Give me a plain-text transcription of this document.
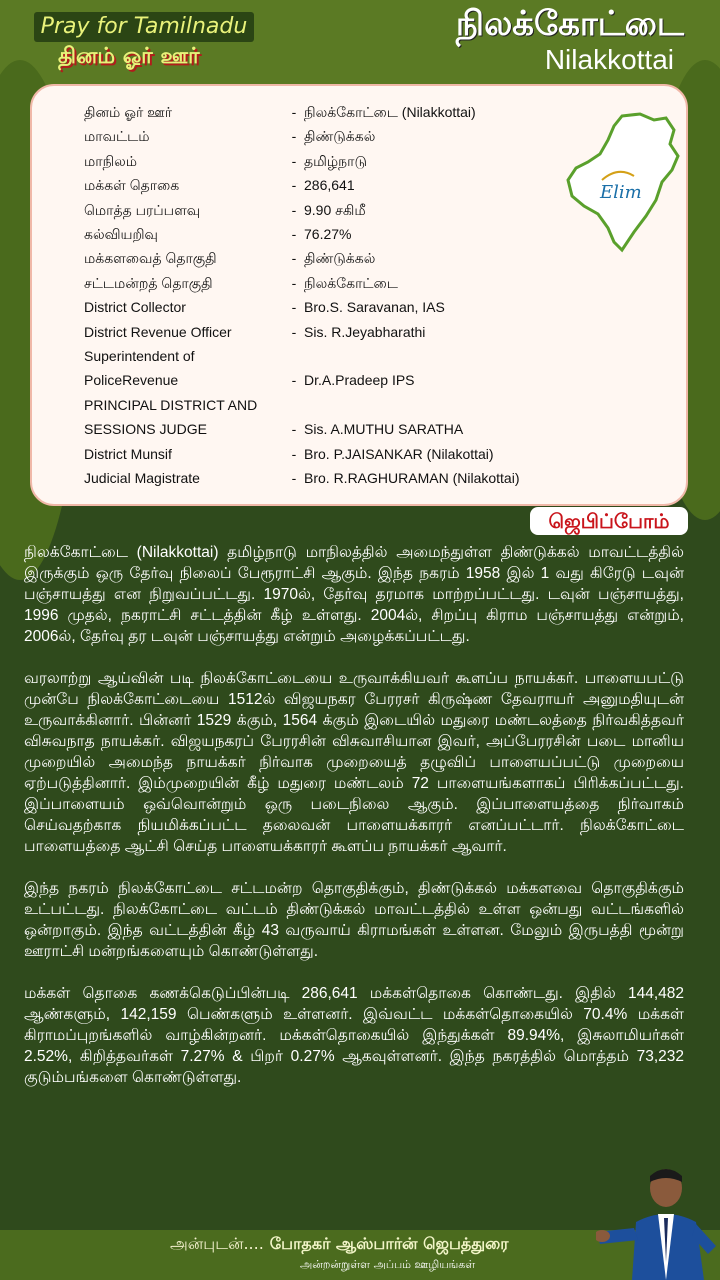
Pray for Tamilnadu
தினம் ஓர் ஊர்
நிலக்கோட்டை
Nilakkottai
தினம் ஓர் ஊர்	-	நிலக்கோட்டை (Nilakkottai)
மாவட்டம்	-	திண்டுக்கல்
மாநிலம்	-	தமிழ்நாடு
மக்கள் தொகை	-	286,641
மொத்த பரப்பளவு	-	9.90 சகிமீ
கல்வியறிவு	-	76.27%
மக்களவைத் தொகுதி	-	திண்டுக்கல்
சட்டமன்றத் தொகுதி	-	நிலக்கோட்டை
District Collector	-	Bro.S. Saravanan, IAS
District Revenue Officer	-	Sis. R.Jeyabharathi
Superintendent of		
PoliceRevenue	-	Dr.A.Pradeep IPS
PRINCIPAL DISTRICT AND		
SESSIONS JUDGE	-	Sis. A.MUTHU SARATHA
District Munsif	-	Bro. P.JAISANKAR (Nilakottai)
Judicial Magistrate	-	Bro. R.RAGHURAMAN (Nilakottai)
Elim
ஜெபிப்போம்

நிலக்கோட்டை (Nilakkottai) தமிழ்நாடு மாநிலத்தில் அமைந்துள்ள திண்டுக்கல் மாவட்டத்தில் இருக்கும் ஒரு தேர்வு நிலைப் பேரூராட்சி ஆகும். இந்த நகரம் 1958 இல் 1 வது கிரேடு டவுன் பஞ்சாயத்து என நிறுவப்பட்டது. 1970ல், தேர்வு தரமாக மாற்றப்பட்டது. டவுன் பஞ்சாயத்து, 1996 முதல், நகராட்சி சட்டத்தின் கீழ் உள்ளது. 2004ல், சிறப்பு கிராம பஞ்சாயத்து என்றும், 2006ல், தேர்வு தர டவுன் பஞ்சாயத்து என்றும் அழைக்கப்பட்டது.

வரலாற்று ஆய்வின் படி நிலக்கோட்டையை உருவாக்கியவர் கூளப்ப நாயக்கர். பாளையபட்டு முன்பே நிலக்கோட்டையை 1512ல் விஜயநகர பேரரசர் கிருஷ்ண தேவராயர் அனுமதியுடன் உருவாக்கினார். பின்னர் 1529 க்கும், 1564 க்கும் இடையில் மதுரை மண்டலத்தை நிர்வகித்தவர் விசுவநாத நாயக்கர். விஜயநகரப் பேரரசின் விசுவாசியான இவர், அப்பேரரசின் படை மானிய முறையில் அமைந்த நாயக்கர் நிர்வாக முறையைத் தழுவிப் பாளையப்பட்டு முறையை ஏற்படுத்தினார். இம்முறையின் கீழ் மதுரை மண்டலம் 72 பாளையங்களாகப் பிரிக்கப்பட்டது. இப்பாளையம் ஒவ்வொன்றும் ஒரு படைநிலை ஆகும். இப்பாளையத்தை நிர்வாகம் செய்வதற்காக நியமிக்கப்பட்ட தலைவன் பாளையக்காரர் எனப்பட்டார். நிலக்கோட்டை பாளையத்தை ஆட்சி செய்த பாளையக்காரர் கூளப்ப நாயக்கர் ஆவார்.

இந்த நகரம் நிலக்கோட்டை சட்டமன்ற தொகுதிக்கும், திண்டுக்கல் மக்களவை தொகுதிக்கும் உட்பட்டது. நிலக்கோட்டை வட்டம் திண்டுக்கல் மாவட்டத்தில் உள்ள ஒன்பது வட்டங்களில் ஒன்றாகும். இந்த வட்டத்தின் கீழ் 43 வருவாய் கிராமங்கள் உள்ளன. மேலும் இருபத்தி மூன்று ஊராட்சி மன்றங்களையும் கொண்டுள்ளது.

மக்கள் தொகை கணக்கெடுப்பின்படி 286,641 மக்கள்தொகை கொண்டது. இதில் 144,482 ஆண்களும், 142,159 பெண்களும் உள்ளனர். இவ்வட்ட மக்கள்தொகையில் 70.4% மக்கள் கிராமப்புறங்களில் வாழ்கின்றனர். மக்கள்தொகையில் இந்துக்கள் 89.94%, இசுலாமியர்கள் 2.52%, கிறித்தவர்கள் 7.27% & பிறர் 0.27% ஆகவுள்ளனர். இந்த நகரத்தில் மொத்தம் 73,232 குடும்பங்களை கொண்டுள்ளது.

அன்புடன்.... போதகர் ஆஸ்பார்ன் ஜெபத்துரை
அன்றன்றுள்ள அப்பம் ஊழியங்கள்
